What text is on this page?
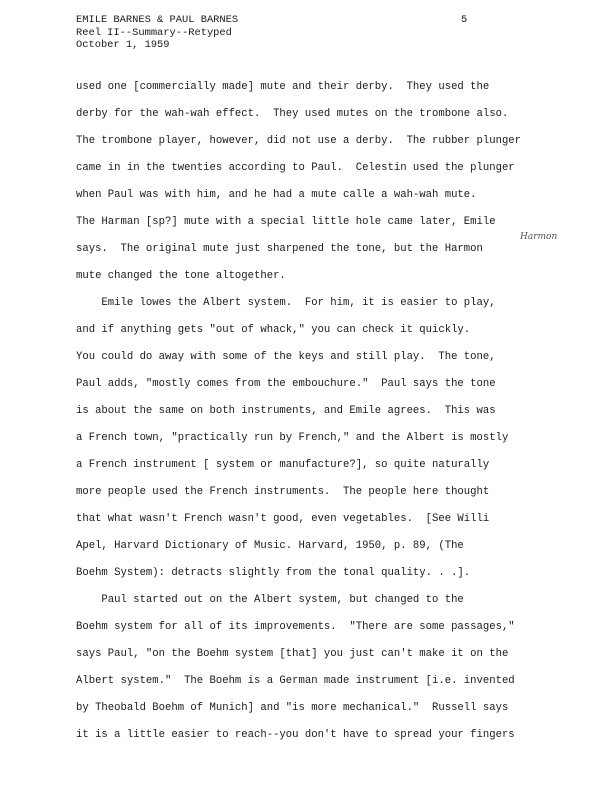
EMILE BARNES & PAUL BARNES
Reel II--Summary--Retyped
October 1, 1959
5
used one [commercially made] mute and their derby.  They used the
derby for the wah-wah effect.  They used mutes on the trombone also.
The trombone player, however, did not use a derby.  The rubber plunger
came in in the twenties according to Paul.  Celestin used the plunger
when Paul was with him, and he had a mute calle a wah-wah mute.
The Harman [sp?] mute with a special little hole came later, Emile
says.  The original mute just sharpened the tone, but the Harmon
mute changed the tone altogether.
Emile lowes the Albert system.  For him, it is easier to play,
and if anything gets "out of whack," you can check it quickly.
You could do away with some of the keys and still play.  The tone,
Paul adds, "mostly comes from the embouchure."  Paul says the tone
is about the same on both instruments, and Emile agrees.  This was
a French town, "practically run by French," and the Albert is mostly
a French instrument [ system or manufacture?], so quite naturally
more people used the French instruments.  The people here thought
that what wasn't French wasn't good, even vegetables.  [See Willi
Apel, Harvard Dictionary of Music. Harvard, 1950, p. 89, (The
Boehm System): detracts slightly from the tonal quality. . .].
Paul started out on the Albert system, but changed to the
Boehm system for all of its improvements.  "There are some passages,"
says Paul, "on the Boehm system [that] you just can't make it on the
Albert system."  The Boehm is a German made instrument [i.e. invented
by Theobald Boehm of Munich] and "is more mechanical."  Russell says
it is a little easier to reach--you don't have to spread your fingers
Harmon
